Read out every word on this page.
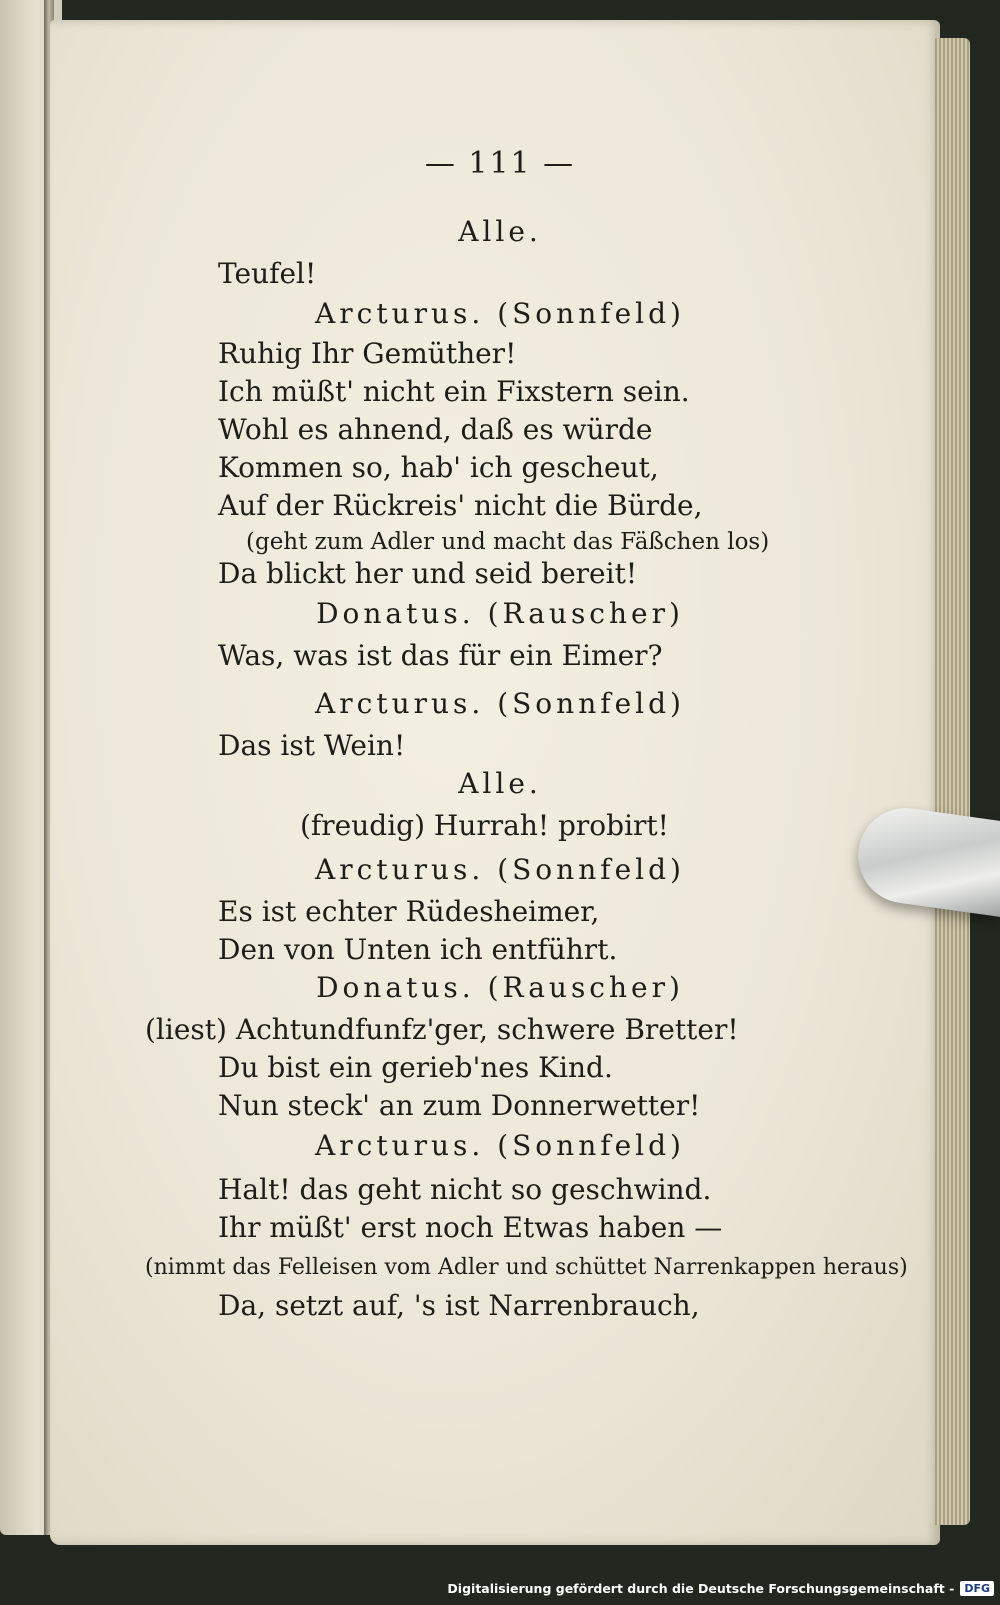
— 111 —
Alle.
Teufel!
Arcturus. (Sonnfeld)
Ruhig Ihr Gemüther!
Ich müßt' nicht ein Fixstern sein.
Wohl es ahnend, daß es würde
Kommen so, hab' ich gescheut,
Auf der Rückreis' nicht die Bürde,
(geht zum Adler und macht das Fäßchen los)
Da blickt her und seid bereit!
Donatus. (Rauscher)
Was, was ist das für ein Eimer?
Arcturus. (Sonnfeld)
Das ist Wein!
Alle.
(freudig) Hurrah! probirt!
Arcturus. (Sonnfeld)
Es ist echter Rüdesheimer,
Den von Unten ich entführt.
Donatus. (Rauscher)
(liest) Achtundfunfz'ger, schwere Bretter!
Du bist ein gerieb'nes Kind.
Nun steck' an zum Donnerwetter!
Arcturus. (Sonnfeld)
Halt! das geht nicht so geschwind.
Ihr müßt' erst noch Etwas haben —
(nimmt das Felleisen vom Adler und schüttet Narrenkappen heraus)
Da, setzt auf, 's ist Narrenbrauch,
Digitalisierung gefördert durch die Deutsche Forschungsgemeinschaft - DFG
